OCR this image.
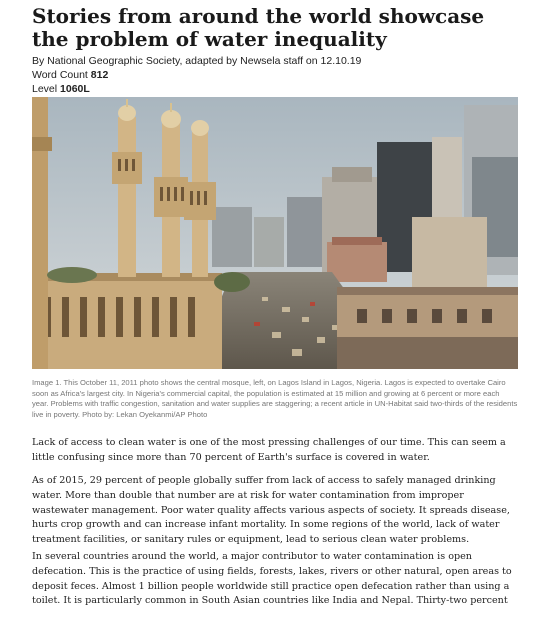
Stories from around the world showcase the problem of water inequality
By National Geographic Society, adapted by Newsela staff on 12.10.19
Word Count 812
Level 1060L
Image 1. This October 11, 2011 photo shows the central mosque, left, on Lagos Island in Lagos, Nigeria. Lagos is expected to overtake Cairo soon as Africa's largest city. In Nigeria's commercial capital, the population is estimated at 15 million and growing at 6 percent or more each year. Problems with traffic congestion, sanitation and water supplies are staggering; a recent article in UN-Habitat said two-thirds of the residents live in poverty. Photo by: Lekan Oyekanmi/AP Photo

Lack of access to clean water is one of the most pressing challenges of our time. This can seem a little confusing since more than 70 percent of Earth's surface is covered in water.

As of 2015, 29 percent of people globally suffer from lack of access to safely managed drinking water. More than double that number are at risk for water contamination from improper wastewater management. Poor water quality affects various aspects of society. It spreads disease, hurts crop growth and can increase infant mortality. In some regions of the world, lack of water treatment facilities, or sanitary rules or equipment, lead to serious clean water problems.

In several countries around the world, a major contributor to water contamination is open defecation. This is the practice of using fields, forests, lakes, rivers or other natural, open areas to deposit feces. Almost 1 billion people worldwide still practice open defecation rather than using a toilet. It is particularly common in South Asian countries like India and Nepal. Thirty-two percent
